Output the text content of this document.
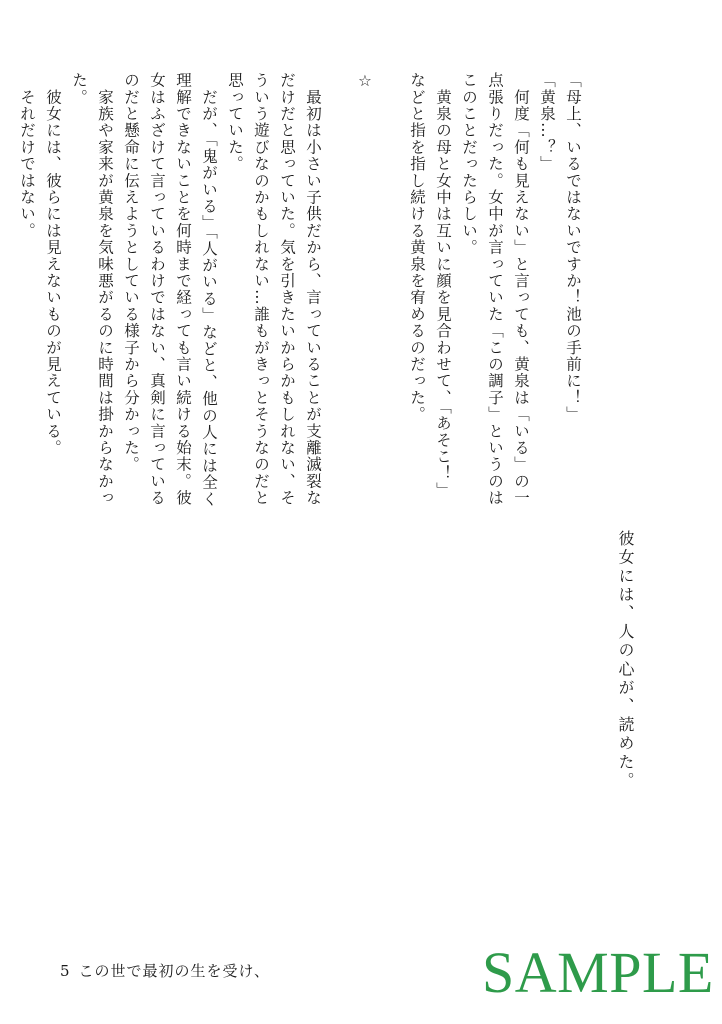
彼女には、人の心が、読めた。
「母上、いるではないですか！池の手前に！」
「黄泉…？」
　何度「何も見えない」と言っても、黄泉は「いる」の一
点張りだった。女中が言っていた「この調子」というのは
このことだったらしい。
　黄泉の母と女中は互いに顔を見合わせて、「あそこ！」
などと指を指し続ける黄泉を宥めるのだった。

☆

　最初は小さい子供だから、言っていることが支離滅裂な
だけだと思っていた。気を引きたいからかもしれない、そ
ういう遊びなのかもしれない…誰もがきっとそうなのだと
思っていた。
　だが、「鬼がいる」「人がいる」などと、他の人には全く
理解できないことを何時まで経っても言い続ける始末。彼
女はふざけて言っているわけではない、真剣に言っている
のだと懸命に伝えようとしている様子から分かった。
　家族や家来が黄泉を気味悪がるのに時間は掛からなかっ
た。
　彼女には、彼らには見えないものが見えている。
　それだけではない。
5 この世で最初の生を受け、	SAMPLE
